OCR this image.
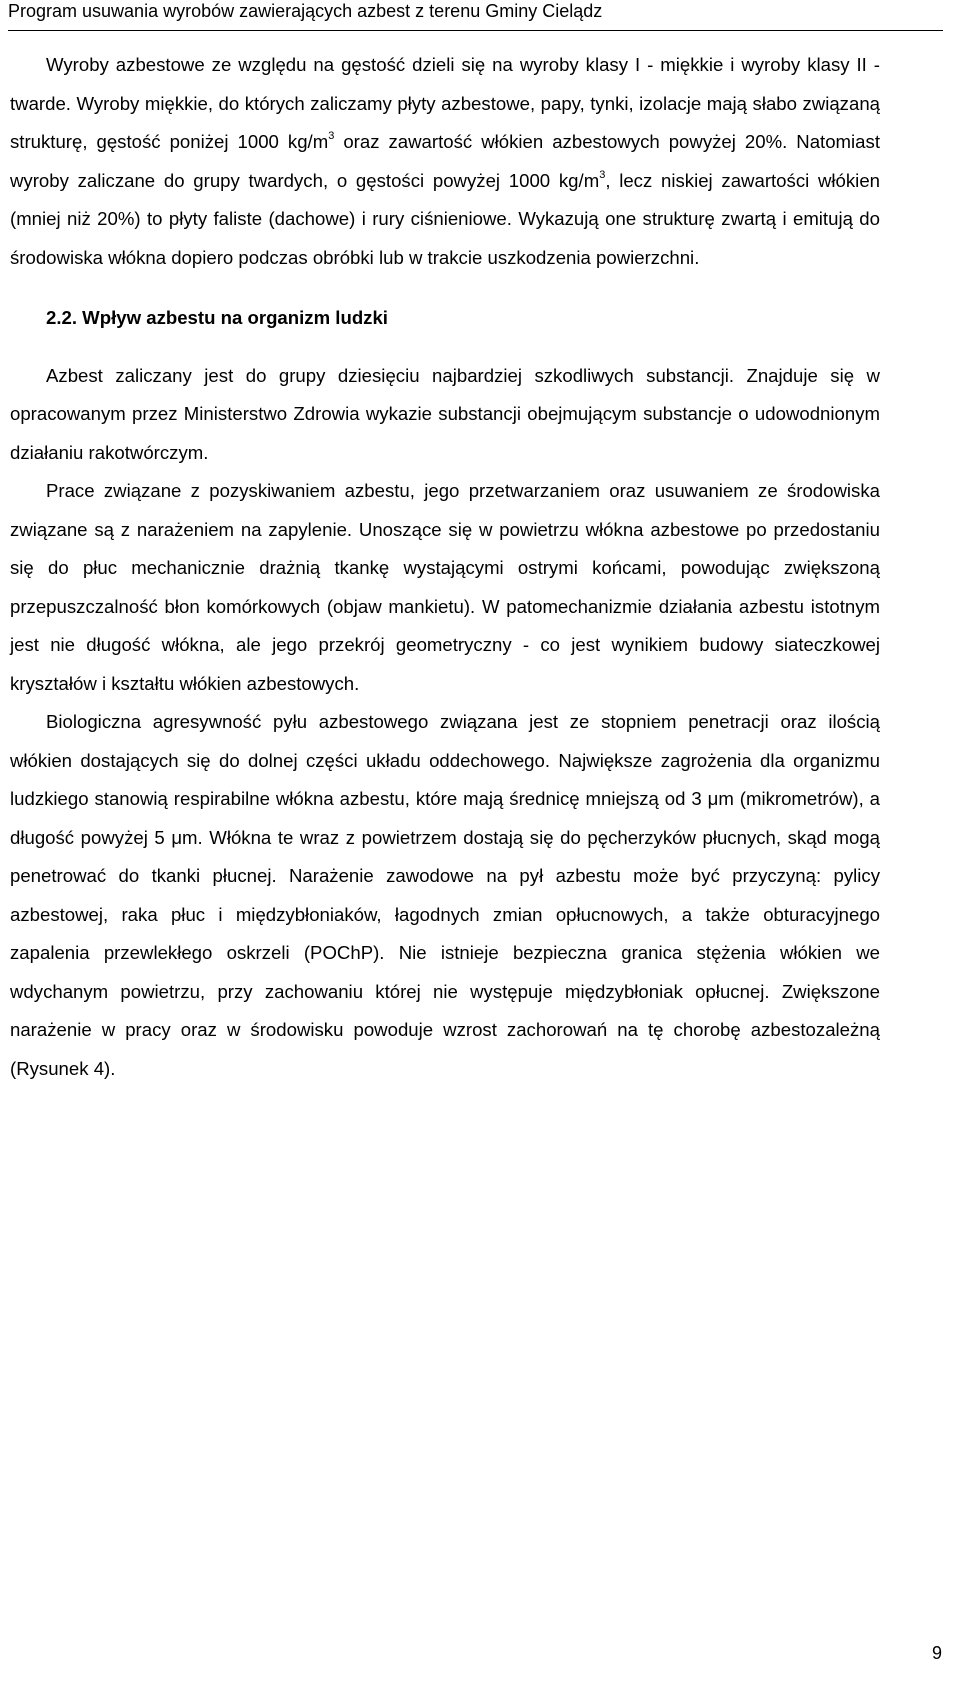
Program usuwania wyrobów zawierających azbest z terenu Gminy Cielądz

Wyroby azbestowe ze względu na gęstość dzieli się na wyroby klasy I - miękkie i wyroby klasy II - twarde. Wyroby miękkie, do których zaliczamy płyty azbestowe, papy, tynki, izolacje mają słabo związaną strukturę, gęstość poniżej 1000 $kg/m^3$ oraz zawartość włókien azbestowych powyżej 20%. Natomiast wyroby zaliczane do grupy twardych, o gęstości powyżej 1000 $kg/m^3$, lecz niskiej zawartości włókien (mniej niż 20%) to płyty faliste (dachowe) i rury ciśnieniowe. Wykazują one strukturę zwartą i emitują do środowiska włókna dopiero podczas obróbki lub w trakcie uszkodzenia powierzchni.

2.2. Wpływ azbestu na organizm ludzki

Azbest zaliczany jest do grupy dziesięciu najbardziej szkodliwych substancji. Znajduje się w opracowanym przez Ministerstwo Zdrowia wykazie substancji obejmującym substancje o udowodnionym działaniu rakotwórczym.

Prace związane z pozyskiwaniem azbestu, jego przetwarzaniem oraz usuwaniem ze środowiska związane są z narażeniem na zapylenie. Unoszące się w powietrzu włókna azbestowe po przedostaniu się do płuc mechanicznie drażnią tkankę wystającymi ostrymi końcami, powodując zwiększoną przepuszczalność błon komórkowych (objaw mankietu). W patomechanizmie działania azbestu istotnym jest nie długość włókna, ale jego przekrój geometryczny - co jest wynikiem budowy siateczkowej kryształów i kształtu włókien azbestowych.

Biologiczna agresywność pyłu azbestowego związana jest ze stopniem penetracji oraz ilością włókien dostających się do dolnej części układu oddechowego. Największe zagrożenia dla organizmu ludzkiego stanowią respirabilne włókna azbestu, które mają średnicę mniejszą od 3 μm (mikrometrów), a długość powyżej 5 μm. Włókna te wraz z powietrzem dostają się do pęcherzyków płucnych, skąd mogą penetrować do tkanki płucnej. Narażenie zawodowe na pył azbestu może być przyczyną: pylicy azbestowej, raka płuc i międzybłoniaków, łagodnych zmian opłucnowych, a także obturacyjnego zapalenia przewlekłego oskrzeli (POChP). Nie istnieje bezpieczna granica stężenia włókien we wdychanym powietrzu, przy zachowaniu której nie występuje międzybłoniak opłucnej. Zwiększone narażenie w pracy oraz w środowisku powoduje wzrost zachorowań na tę chorobę azbestozależną (Rysunek 4).

9
